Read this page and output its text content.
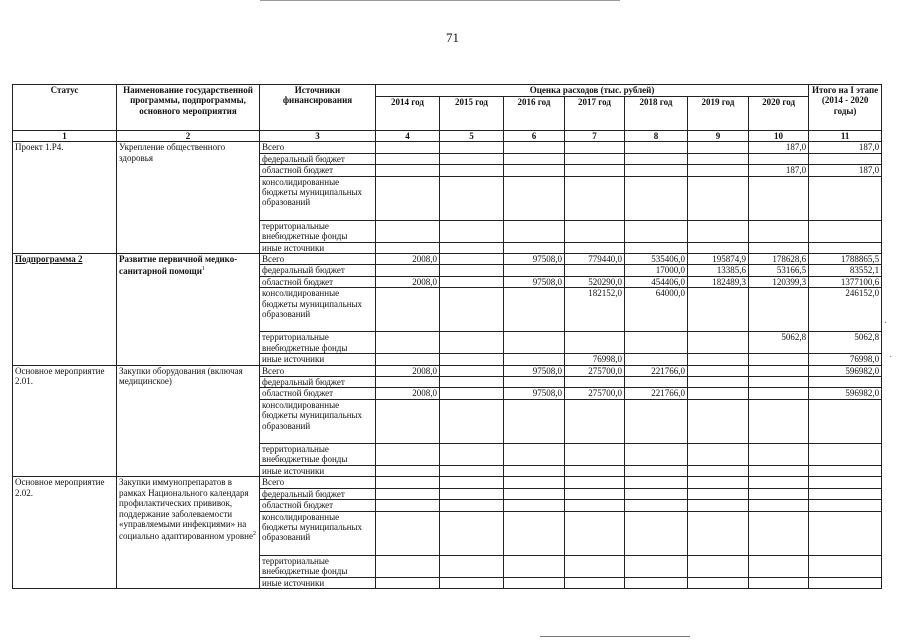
71
Статус	Наименование государственной программы, подпрограммы, основного мероприятия	Источники финансирования	Оценка расходов (тыс. рублей)							Итого на I этапе (2014 - 2020 годы)
			2014 год	2015 год	2016 год	2017 год	2018 год	2019 год	2020 год	
1	2	3	4	5	6	7	8	9	10	11
Проект 1.Р4.	Укрепление общественного здоровья	Всего							187,0	187,0
		федеральный бюджет								
		областной бюджет							187,0	187,0
		консолидированные бюджеты муниципальных образований								
		территориальные внебюджетные фонды								
		иные источники								
Подпрограмма 2	Развитие первичной медико-санитарной помощи$^1$	Всего	2008,0		97508,0	779440,0	535406,0	195874,9	178628,6	1788865,5
		федеральный бюджет					17000,0	13385,6	53166,5	83552,1
		областной бюджет	2008,0		97508,0	520290,0	454406,0	182489,3	120399,3	1377100,6
		консолидированные бюджеты муниципальных образований				182152,0	64000,0			246152,0
		территориальные внебюджетные фонды							5062,8	5062,8
		иные источники				76998,0				76998,0
Основное мероприятие 2.01.	Закупки оборудования (включая медицинское)	Всего	2008,0		97508,0	275700,0	221766,0			596982,0
		федеральный бюджет								
		областной бюджет	2008,0		97508,0	275700,0	221766,0			596982,0
		консолидированные бюджеты муниципальных образований								
		территориальные внебюджетные фонды								
		иные источники								
Основное мероприятие 2.02.	Закупки иммунопрепаратов в рамках Национального календаря профилактических прививок, поддержание заболеваемости «управляемыми инфекциями» на социально адаптированном уровне$^2$	Всего								
		федеральный бюджет								
		областной бюджет								
		консолидированные бюджеты муниципальных образований								
		территориальные внебюджетные фонды								
		иные источники								
·
·
